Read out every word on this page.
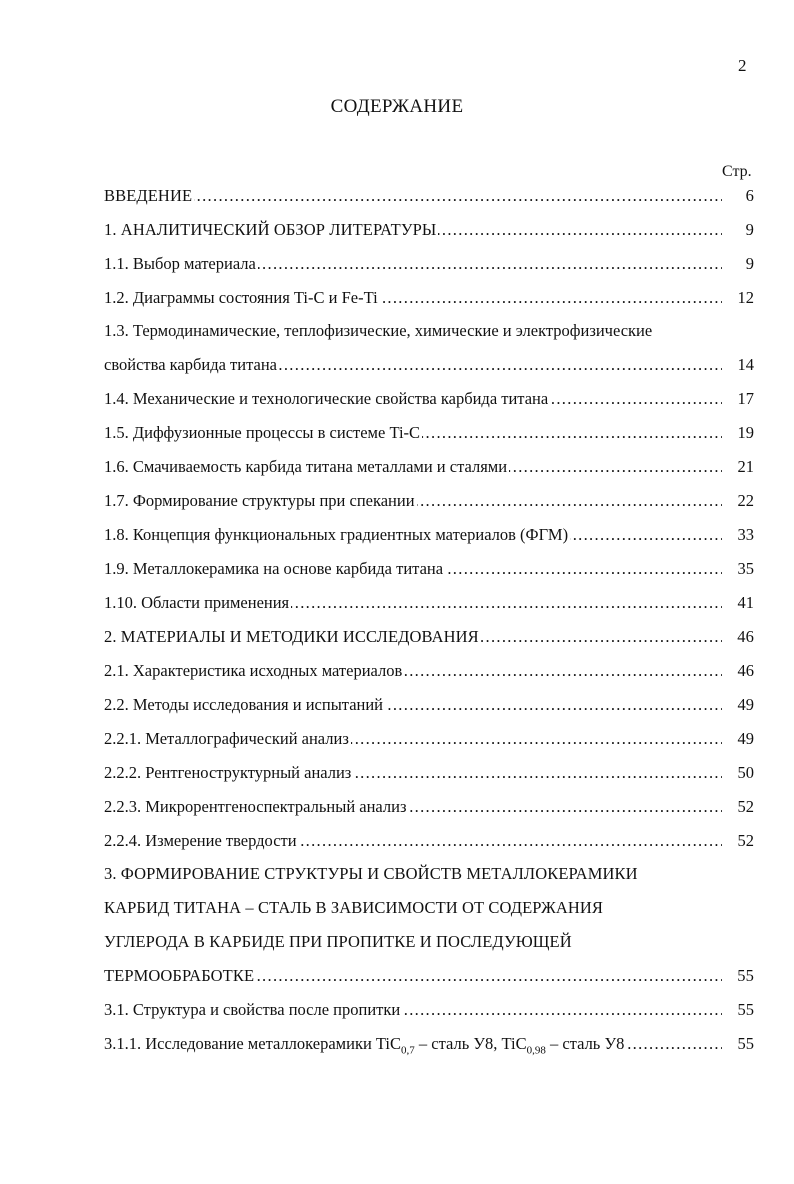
2
СОДЕРЖАНИЕ
Стр.
ВВЕДЕНИЕ . . .	6
1. АНАЛИТИЧЕСКИЙ ОБЗОР ЛИТЕРАТУРЫ . . .	9
1.1. Выбор материала . . .	9
1.2. Диаграммы состояния Ti-C и Fe-Ti . . .	12
1.3. Термодинамические, теплофизические, химические и электрофизические
свойства карбида титана . . .	14
1.4. Механические и технологические свойства карбида титана . . .	17
1.5. Диффузионные процессы в системе Ti-C . . .	19
1.6. Смачиваемость карбида титана металлами и сталями . . .	21
1.7. Формирование структуры при спекании . . .	22
1.8. Концепция функциональных градиентных материалов (ФГМ) . . .	33
1.9. Металлокерамика на основе карбида титана . . .	35
1.10. Области применения . . .	41
2. МАТЕРИАЛЫ И МЕТОДИКИ ИССЛЕДОВАНИЯ . . .	46
2.1. Характеристика исходных материалов . . .	46
2.2. Методы исследования и испытаний . . .	49
2.2.1. Металлографический анализ . . .	49
2.2.2. Рентгеноструктурный анализ . . .	50
2.2.3. Микрорентгеноспектральный анализ . . .	52
2.2.4. Измерение твердости . . .	52
3. ФОРМИРОВАНИЕ СТРУКТУРЫ И СВОЙСТВ МЕТАЛЛОКЕРАМИКИ
КАРБИД ТИТАНА – СТАЛЬ В ЗАВИСИМОСТИ ОТ СОДЕРЖАНИЯ
УГЛЕРОДА В КАРБИДЕ ПРИ ПРОПИТКЕ И ПОСЛЕДУЮЩЕЙ
ТЕРМООБРАБОТКЕ . . .	55
3.1. Структура и свойства после пропитки . . .	55
3.1.1. Исследование металлокерамики TiC$_{0,7}$ – сталь У8, TiC$_{0,98}$ – сталь У8 . . .	55
